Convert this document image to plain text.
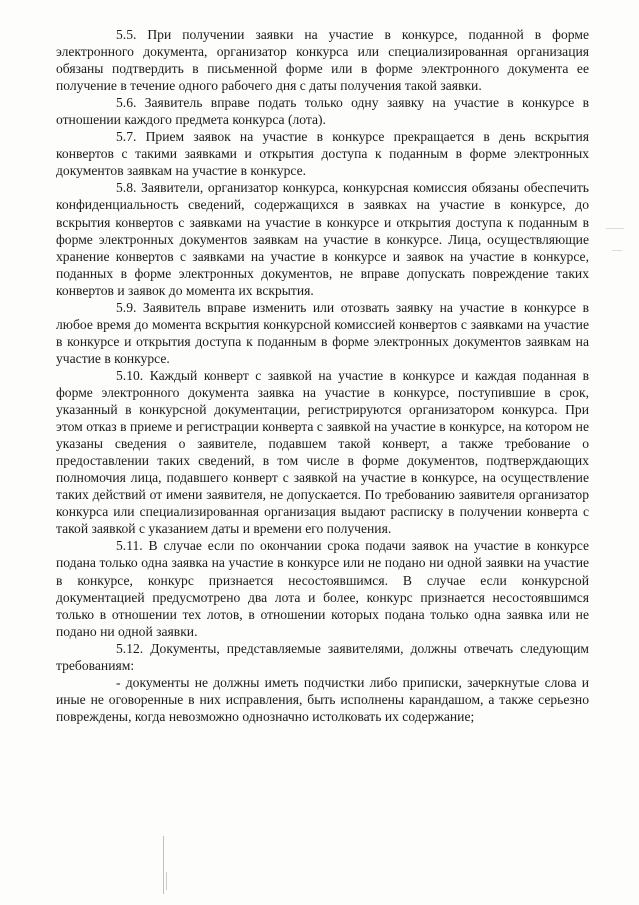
5.5. При получении заявки на участие в конкурсе, поданной в форме электронного документа, организатор конкурса или специализированная организация обязаны подтвердить в письменной форме или в форме электронного документа ее получение в течение одного рабочего дня с даты получения такой заявки.

5.6. Заявитель вправе подать только одну заявку на участие в конкурсе в отношении каждого предмета конкурса (лота).

5.7. Прием заявок на участие в конкурсе прекращается в день вскрытия конвертов с такими заявками и открытия доступа к поданным в форме электронных документов заявкам на участие в конкурсе.

5.8. Заявители, организатор конкурса, конкурсная комиссия обязаны обеспечить конфиденциальность сведений, содержащихся в заявках на участие в конкурсе, до вскрытия конвертов с заявками на участие в конкурсе и открытия доступа к поданным в форме электронных документов заявкам на участие в конкурсе. Лица, осуществляющие хранение конвертов с заявками на участие в конкурсе и заявок на участие в конкурсе, поданных в форме электронных документов, не вправе допускать повреждение таких конвертов и заявок до момента их вскрытия.

5.9. Заявитель вправе изменить или отозвать заявку на участие в конкурсе в любое время до момента вскрытия конкурсной комиссией конвертов с заявками на участие в конкурсе и открытия доступа к поданным в форме электронных документов заявкам на участие в конкурсе.

5.10. Каждый конверт с заявкой на участие в конкурсе и каждая поданная в форме электронного документа заявка на участие в конкурсе, поступившие в срок, указанный в конкурсной документации, регистрируются организатором конкурса. При этом отказ в приеме и регистрации конверта с заявкой на участие в конкурсе, на котором не указаны сведения о заявителе, подавшем такой конверт, а также требование о предоставлении таких сведений, в том числе в форме документов, подтверждающих полномочия лица, подавшего конверт с заявкой на участие в конкурсе, на осуществление таких действий от имени заявителя, не допускается. По требованию заявителя организатор конкурса или специализированная организация выдают расписку в получении конверта с такой заявкой с указанием даты и времени его получения.

5.11. В случае если по окончании срока подачи заявок на участие в конкурсе подана только одна заявка на участие в конкурсе или не подано ни одной заявки на участие в конкурсе, конкурс признается несостоявшимся. В случае если конкурсной документацией предусмотрено два лота и более, конкурс признается несостоявшимся только в отношении тех лотов, в отношении которых подана только одна заявка или не подано ни одной заявки.

5.12. Документы, представляемые заявителями, должны отвечать следующим требованиям:

- документы не должны иметь подчистки либо приписки, зачеркнутые слова и иные не оговоренные в них исправления, быть исполнены карандашом, а также серьезно повреждены, когда невозможно однозначно истолковать их содержание;
